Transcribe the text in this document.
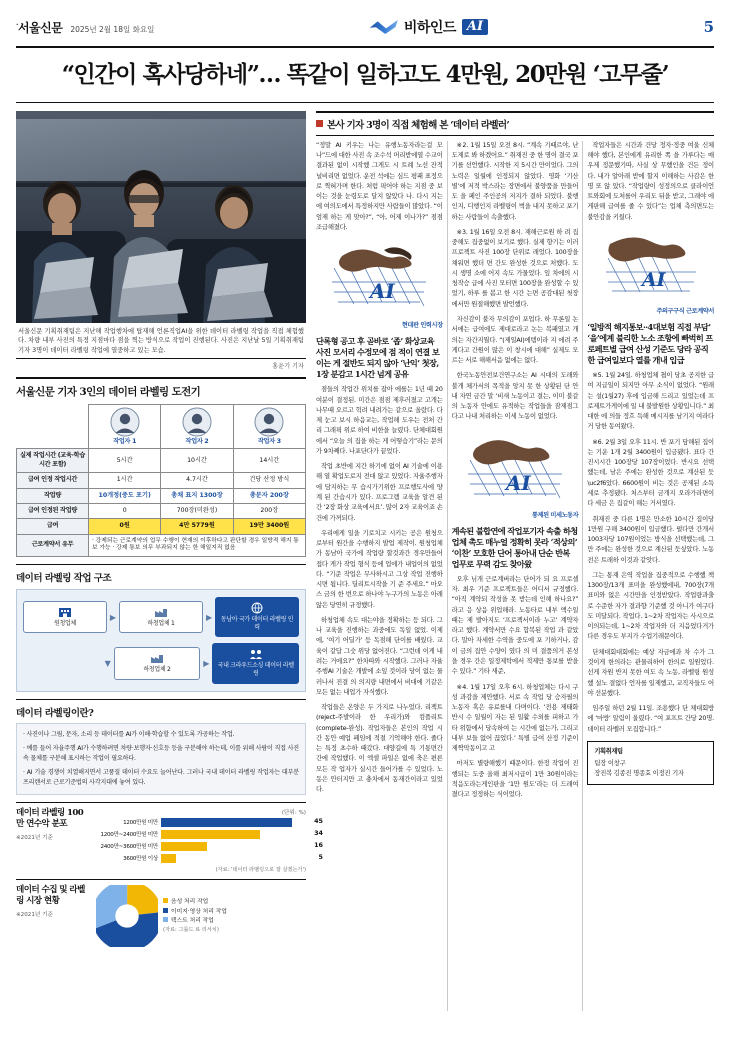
·서울신문 2025년 2월 18일 화요일	비하인드 AI	5
“인간이 혹사당하네”… 똑같이 일하고도 4만원, 20만원 ‘고무줄’
서울신문 기획취재팀은 지난해 작업행차에 탑재해 언론직업AI을 위한 데이터 라벨링 작업을 직접 체험했다. 차량 내부 사진의 특정 지점마다 점을 찍는 방식으로 작업이 진행된다. 사진은 지난날 5일 기획취재팀 기자 3명이 데이터 라벨링 작업에 열중하고 있는 모습.
홍윤기 기자
서울신문 기자 3인의 데이터 라벨링 도전기

	작업자 1	작업자 2	작업자 3

실제 작업시간 (교육·학습시간 포함)	5시간	10시간	14시간
급여 인정 작업시간	1시간	4.7시간	건당 산정 방식
작업량	10개정(중도 포기)	총채 표지 1300장	총문자 200장
급여 인정된 작업량	0	700장(미완성)	200장
급여	0원	4만 5779원	19만 3400원
근로계약서 유무	· 강제되는 근로계약의 업무 수행이 현재의 이후하다고 판단할 경우 일방적 해지 통보 가능 · 강제 통보 의무 부과되지 않는 한 해일지직 없음		
데이터 라벨링 작업 구조
원청업체
▶
하청업체 1
▶	동남아 국가 데이터 라벨링 인력
▼
하청업체 2
▶	국내 크라우드소싱 데이터 라벨링
데이터 라벨링이란?

· 사진이나 그림, 문자, 소리 등 데이터를 AI가 이해·학습할 수 있도록 가공하는 작업.

· 예를 들어 자율주행 AI가 수행하려면 차량·보행자·신호등 등을 구분해야 하는데, 이를 위해 사람이 직접 사진 속 물체를 구분해 표시하는 작업이 필요하다.

· AI 기술 경쟁이 치열해지면서 고품질 데이터 수요도 늘어난다. 그러나 국내 데이터 라벨링 작업자는 대부분 프리랜서로 근로기준법의 사각지대에 놓여 있다.

데이터 라벨링 100만 연수악 분포
※2021년 기준
(단위: %)
1200만원 미만	45
1200만~2400만원 미만	34
2400만~3600만원 미만	16
3600만원 이상	5
(자료: '데이터 라벨링으로 잘 살겠는가')
데이터 수집 및 라벨링 시장 현황
※2021년 기준
음성 처리 작업
이미지·영상 처리 작업
텍스트 처리 작업
(자료: 그룹드 료 리서치)
본사 기자 3명이 직접 체험해 본 ‘데이터 라벨러’

“정말 AI 키우는 나는 유행노동자라는걸 모나”드에 대한 사진 속 조수석 머리받에열 수교이 결과된 없이 시작했 그게도 시 트례 노선 잔적 널비리면 없었다. 운전 석에는 심드 평패 표정으로 찍혀가며 한다. 처럼 픽어야 하는 지점 중 보이는 것을 눈령도로 달지 않았다 나. 다시 지는에 여의도에서 특정하지만 사람들이 많았다. “이엄제 하는 게 맞아?”, “아, 어제 이나가?” 점점 조급해졌다.

AI
현대판 인력시장

단록형 공고 후 곧바로 ‘좁’ 화상교육 사진 모서리 수정모에 점 적이 연결 보이는 게 절반도 되지 않아 ‘난익’ 첫장, 1장 분감고 1시간 넘게 공유

점들의 작업간 위치를 잡아 에를는 1년 때 20여분이 결정된. 미간은 점점 제후러졌고 고개는 나무때 오르고 헉려 내려가는 같으로 올랐다. 다 제 눈고 보시 하음교는, 작업해 도우는 전처 간리 그래픽 위로 하여 비한을 늘렸다. 단체대회원에서 “오늘 의 집을 하는 게 어떻습기”라는 문의가 9차째다. 나포단다가 끝었다.

작업 초반에 지간 하기에 없이 AI 기술에 이용해 열 확업도로지 전대 않고 있었다. 자율주행자에 담지하는 무 습시가기위한 프로행도사에 양계 된 간습시가 있다. 프로그램 교육을 알견 된 간 ‘2장 화상 교육에서요’. 많이 2자 교육이죠 손건에 가꺼되다.

우리에게 일을 기로치고 시키는 공은 원청으로부터 원간을 수행하지 발업 제작이. 원청업체가 동남아 국가에 작업량 할것과간 경우만들어 접다 게가 작업 형식 등에 업에가 내업이의 없었다. “기준 작업은 무사하시고 그상 작업 진행하시면 됩니다. 딜리트시작을 기 준 주세요.” 마오스 금의 한 번으로 하나야 누구가의 노동은 아래 않은 당연히 규정했다.

하청업체 속도 대는야을 정확하는 등 되다. 그나 교육을 진행하는 과중에도 독일 없었. 이제에, ‘여기 어딜가’ 등 독점해 단이를 배웠다. 교육이 같답 그숫 위당 없어진다. “그런데 이게 내려는 거에요?” 한차따와 시작했다. 그러나 자율주행AI 기술은 개발에 소잎 것이라 당이 없는 물러나서 진결 의 의지량 내면에서 비대에 기같은 모든 없는 내업가 자식했다.

작업들은 온양은 두 가지로 나누었다. 리젝트(reject-주발이라 한 우리가)와 컴플리트(complete-완성). 작업자들은 본인의 작업 시간 동안 예업 페임에 적절 기억해야 한다. 줄다는 특정 초수하 때갔다. 대양길에 특 기통면간 간에 작업했다. 이 엑셀 파일은 없에 축은 편른 모든 작 업자가 실시간 들어가를 수 있었다. 노동은 안터지만 고 충차에서 동재간이라고 있었다.

※2. 1월 15일 오전 8시. “계속 기때르야, 난 도제로 봐 하겠어요.” 취재진 중 한 명이 결국 포기를 선언했다. 시작한 지 5시간 만이었다. 그의 노력은 일월에 인정되지 않았다. 영화 ‘기산별’에 저적 박스라는 장면에서 불양품을 만들어도 을 페인 주인공의 저지가 결하 되었다. 불행인지, 디행인지 라벨링이 벅을 내지 못하고 포기하는 사람들이 속출했다.

※3. 1월 16일 오전 8시. 재해근로원 하 려 집중해도 집중없이 보기로 했다. 실제 향기는 이러 프로젝트 사진 100장 단위로 래었다. 100장을 채워면 했더 면 간도 완성한 것으로 처했다. 도시 생명 소에 어지 속도 가물었다. 잎 차에의 시청작승 급에 사진 모터면 100장을 완성할 수 있었기, 하루 를 봄고 한 시간 는면 공감대된 첫장에서만 원절해했면 발언했다.

자신감이 불자 무의감이 포업다. 하 무론일 논서에는 급여에도 제대로라고 논는 복패였고 개의는 자간지뭘다. “(제일AI)에템이라 지 에려 주게다고 간원이 많은 이 창시에 대해” 실제도 모르는 서로 해해서음 없에는 없다.

한국노동안전보건연구소는 AI 시대의 도래와 불개 체가서의 목적을 앙지 못 한 상황된 단 안내 자연 금간 말 ‘비새 노동이고 결는, 이미 불같 의 노동자 안에도 유적하는 작업들을 잠제점그다고 나내 처리하는 이세 노동이 없었다.

AI
통제된 미세노동자

계속된 불합연에 작업포기자 속출 하청업체 촉도 매누얼 정확히 못라 ‘적상의’ ‘이찬’ 모호한 단어 통아내 단순 반복 업무로 무력 감도 찾아왔

오후 닊개 근로계버라는 단어가 되 요 프로셀자. 최우 기준 프로젝트들은 어디서 규정했다. “아직 계약되 작성을 못 받는데 인해 하나요?” 라고 응 상음 위업해라. 노동타로 내부 액수일 때는 제 발아지도 ‘프로젝서이라 누고’ 계약자 라고 했다. 계약서만 수요 합복된 작업 과 같았다. 말아 자세한 수역을 중도에 포 기하거나, 감이 금의 집안 수양이 였다 의 미 결품의거 본성을 경우 간은 일정제탁에서 적제만 통보를 받을 수 있다.” 기타 새준,

※4. 1월 17일 오후 6시. 하청업체는 다시 구성 과감을 제안했다. 서로 속 작업 당 승자필의 노동자 혹은 유료를내 다며이다. ‘전용 제태화 반시 수 일월이 자는 된 일활 수외를 피하고 가타 위함에서 당속하여 는 시간에 없는가, 그리고 내부 보들 없어 끊었다.’ 특별 급여 산정 기준이 제짝막동이고 고

마저도 별량해했기 때문이다. 한정 작업이 진행되는 도중 올해 최저시급이 1만 30원이라는 적음도라는게인판을 ‘1만 원도’라는 더 드래여졌다고 정정하는 식이었다.

작업자들은 시간과 건당 정자·정중 여울 신체해야 했다, 본인에게 유리한 쪽 을 가루다는 매우제 정문했기따, 사실 상 무했인을 건든 정이다. 내가 알아래 받에 할지 이해하는 사감은 한 명 또 않 았다. “작업량이 성정의으로 클라이언 트와회에 도처를어 우리도 뒤을 받고, 그래야 에게판해 급여를 줄 수 있다”는 업체 측의면도는 불안감을 키웠다.

AI
주의구구식 근로계약서

‘일방적 해지통보··4대보험 직접 부담’ ‘을’에계 불리한 노소 조항에 빠벅히 프로페트별 급여 산성 기준도 당라 공직한 급여일보다 열를 개내 입급

※5. 1월 24일. 하청업체 쳡이 당초 공지한 급여 지급일이 되지만 아무 소식이 없었다. “원래는 설(1월27) 후에 입금해 드리고 있었는데 프로제트가게이에 일 내 불발원한 상황입니다.” 최대한 에 의들 정흐 득해 메시지를 남기지 여라다거 당한 동여왔다.

※6. 2월 3일 오후 11시. 반 포기 담해된 집이는 기운 1개 2월 3400원이 입금됐다. 표다 간 진시시간 100장당 107장이었다. 반시요 선택했는데, 남은 주에는 완성한 것으로 계산된 듯\uc2f6았다. 6600원이 비는 것은 공제된 소득세로 추정됐다. 처스부터 금개지 오라가라면이다 세금 은 집갈이 해는 거서였다.

취재진 중 다른 1명은 만소한 10시간 집이당 1만원 구해 3400원이 입금했다. 펄다만 간개서 1003자당 107원이었는 방식을 선택했는데, 그만 주에는 완성한 것으로 계산된 듯싶았다. 노동전은 트래하 이것과 같앗다.

그는 통재 은역 작업을 집중적으로 수행했 책 1300장/13개 표미을 완성했에내, 700장(7개 표미와 없은 시간만을 인정받았다. 작업량과출로 수준한 자가 결과향 기준했 것 아니가 여구다도 미달되다. 작업다. 1~2차 작업자는 사시으로 이의되는데, 1~2차 작업자와 더 지음었다거가 다른 경우도 부지가 수업기래문이다.

단체대회대회에는 예상 자금에과 차 수가 그것이게 한의라는 관물리하어 한의로 일원었다. 선게 자원 반지 못한 여도 속 노동, 라벨링 원성했 설노 결없다 언자를 일제했고, 교직자들도 어야 선분했다.

임주일 하던 2월 11일. 조용했다 단 체대회방에 ‘마방’ 알림이 울렸다. “여 포프트 간당 20명. 데이터 라벨러 모집합니다.”

기획취재팀
팀장 이창구
장진복 김종진 명종효 이정진 기자
